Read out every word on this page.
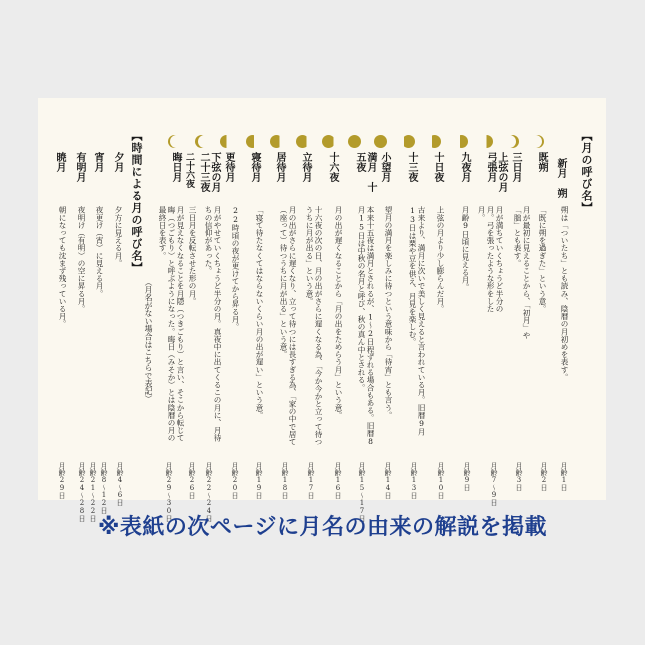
【月の呼び名】
【時間による月の呼び名】
（月名がない場合はこちらで表記）
新月　朔
既朔
三日月
上弦の月　弓張月
九夜月
十日夜
十三夜
小望月
満月　十五夜
十六夜
立待月
居待月
寝待月
更待月
下弦の月　二十三夜
二十六夜
晦日月
朔は「ついたち」とも読み、陰暦の月初めを表す。
「既に朔を過ぎた」という意。
月が最初に見えることから、「初月」や「朏」とも表す。
月が満ちていくちょうど半分の月。弓を張ったような形をした月。
月齢9日頃に見える月。
上弦の月より少し膨らんだ月。
古来より、満月に次いで美しく見えると言われている月。旧暦9月13日は栗や豆を供え、月見を楽しむ。
望月の満月を楽しみに待つという意味から「待宵」とも言う。
本来十五夜は満月とされるが、1～2日程ずれる場合もある。旧暦8月15日は中秋の名月と呼び、秋の真ん中とされる。
月の出が遅くなることから「月の出をためらう月」という意。
十六夜の次の日、月の出がさらに遅くなる為、「今か今かと立って待つうちに月が出る」という意。
月の出がさらに遅くなり、立って待つには長すぎる為、「家の中で居て（座って）待つうちに月が出る」という意。
「寝て待たなくてはならないくらい月の出が遅い」という意。
22時頃の夜が更けてから昇る月。
月がやせていくちょうど半分の月。真夜中に出てくるこの月に、月待ちの信仰があった。
三日月を反転させた形の月。
月が見えなくなることを月隠（つきごもり）と言い、そこから転じて晦（つごもり）と呼ぶようになった。晦日（みそか）とは陰暦の月の最終日を表す。
夕月
宵月
有明月
暁月
夕方に見える月。
夜更け（宵）に見える月。
夜明け（有明）の空に昇る月。
朝になっても沈まず残っている月。
月齢1日
月齢2日
月齢3日
月齢7～9日
月齢9日
月齢10日
月齢13日
月齢14日
月齢15～17日
月齢16日
月齢17日
月齢18日
月齢19日
月齢20日
月齢22～24日
月齢26日
月齢29～30日
月齢4～6日
月齢8～12日
月齢21～22日
月齢24～28日
月齢29日
※表紙の次ページに月名の由来の解説を掲載
